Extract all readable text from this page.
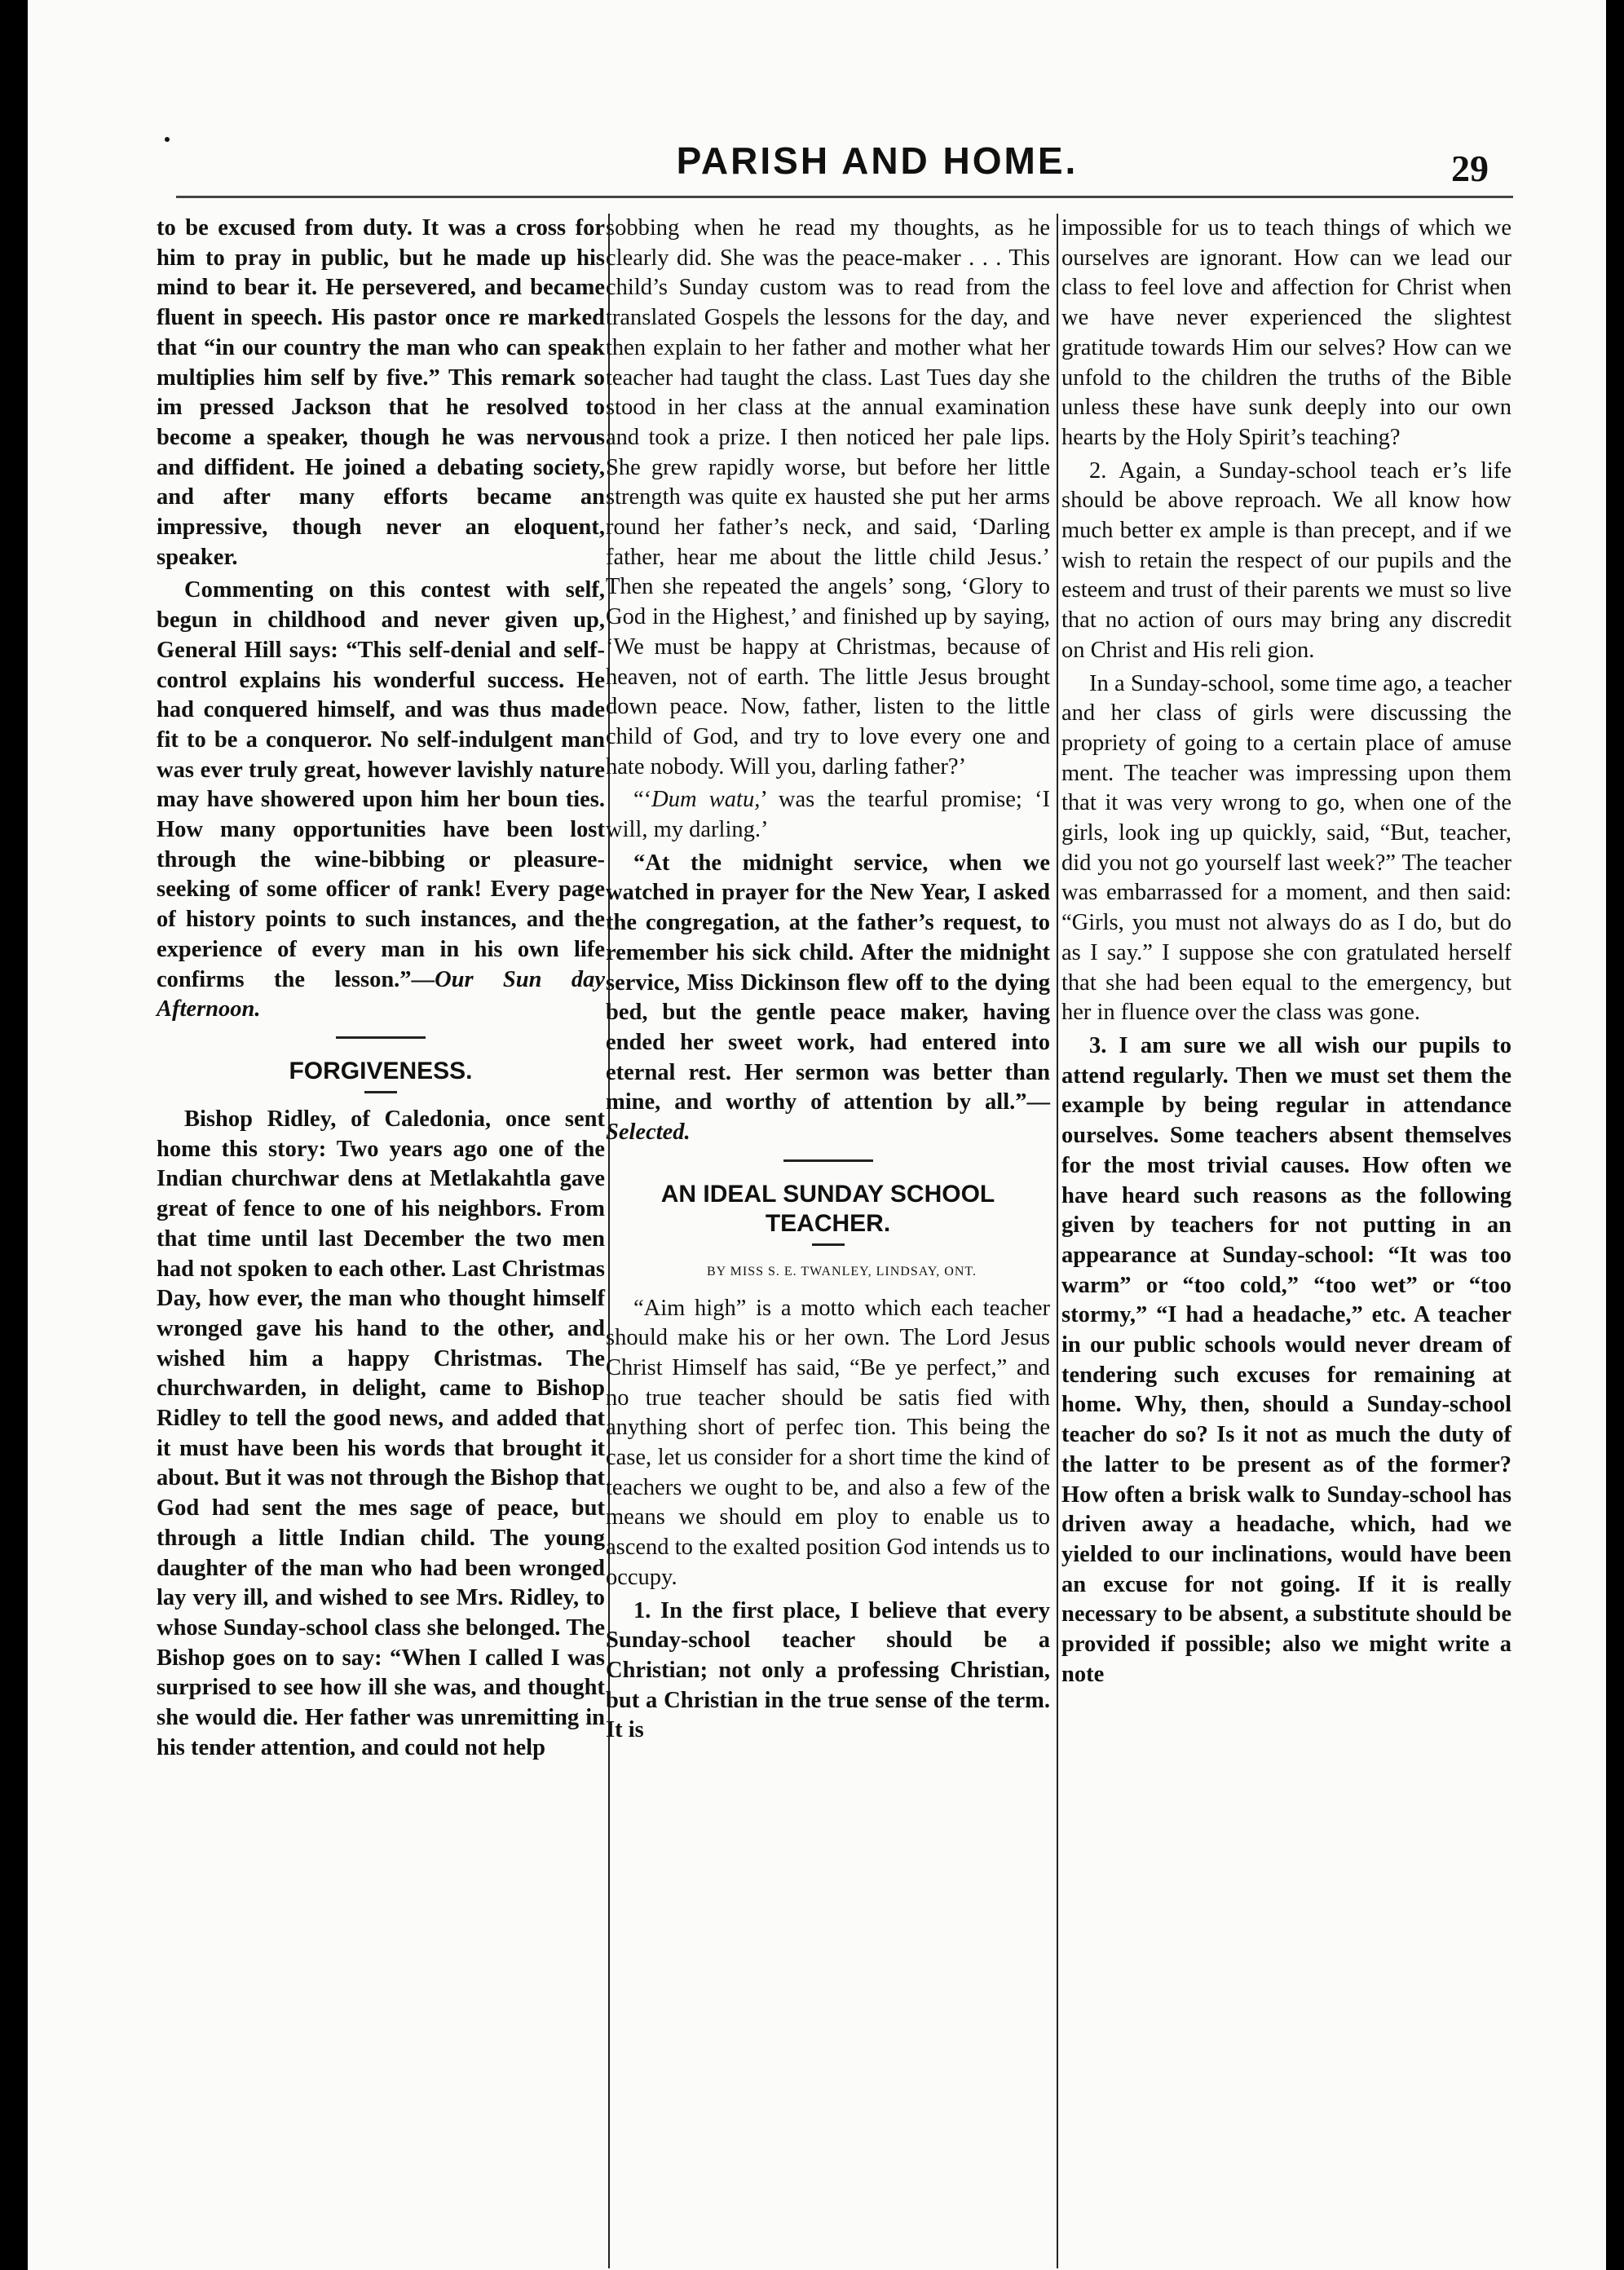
PARISH AND HOME.	29

to be excused from duty. It was a cross for him to pray in public, but he made up his mind to bear it. He persevered, and became fluent in speech. His pastor once re marked that “in our country the man who can speak multiplies him self by five.” This remark so im pressed Jackson that he resolved to become a speaker, though he was nervous and diffident. He joined a debating society, and after many efforts became an impressive, though never an eloquent, speaker.

Commenting on this contest with self, begun in childhood and never given up, General Hill says: “This self-denial and self-control explains his wonderful success. He had conquered himself, and was thus made fit to be a conqueror. No self-indulgent man was ever truly great, however lavishly nature may have showered upon him her boun ties. How many opportunities have been lost through the wine-bibbing or pleasure-seeking of some officer of rank! Every page of history points to such instances, and the experience of every man in his own life confirms the lesson.”—Our Sun day Afternoon.

FORGIVENESS.

Bishop Ridley, of Caledonia, once sent home this story: Two years ago one of the Indian churchwar dens at Metlakahtla gave great of fence to one of his neighbors. From that time until last December the two men had not spoken to each other. Last Christmas Day, how ever, the man who thought himself wronged gave his hand to the other, and wished him a happy Christmas. The churchwarden, in delight, came to Bishop Ridley to tell the good news, and added that it must have been his words that brought it about. But it was not through the Bishop that God had sent the mes sage of peace, but through a little Indian child. The young daughter of the man who had been wronged lay very ill, and wished to see Mrs. Ridley, to whose Sunday-school class she belonged. The Bishop goes on to say: “When I called I was surprised to see how ill she was, and thought she would die. Her father was unremitting in his tender attention, and could not help

sobbing when he read my thoughts, as he clearly did. She was the peace-maker . . . This child’s Sunday custom was to read from the translated Gospels the lessons for the day, and then explain to her father and mother what her teacher had taught the class. Last Tues day she stood in her class at the annual examination and took a prize. I then noticed her pale lips. She grew rapidly worse, but before her little strength was quite ex hausted she put her arms round her father’s neck, and said, ‘Darling father, hear me about the little child Jesus.’ Then she repeated the angels’ song, ‘Glory to God in the Highest,’ and finished up by saying, ‘We must be happy at Christmas, because of heaven, not of earth. The little Jesus brought down peace. Now, father, listen to the little child of God, and try to love every one and hate nobody. Will you, darling father?’

“‘Dum watu,’ was the tearful promise; ‘I will, my darling.’

“At the midnight service, when we watched in prayer for the New Year, I asked the congregation, at the father’s request, to remember his sick child. After the midnight service, Miss Dickinson flew off to the dying bed, but the gentle peace maker, having ended her sweet work, had entered into eternal rest. Her sermon was better than mine, and worthy of attention by all.”—Selected.

AN IDEAL SUNDAY SCHOOL TEACHER.

BY MISS S. E. TWANLEY, LINDSAY, ONT.

“Aim high” is a motto which each teacher should make his or her own. The Lord Jesus Christ Himself has said, “Be ye perfect,” and no true teacher should be satis fied with anything short of perfec tion. This being the case, let us consider for a short time the kind of teachers we ought to be, and also a few of the means we should em ploy to enable us to ascend to the exalted position God intends us to occupy.

1. In the first place, I believe that every Sunday-school teacher should be a Christian; not only a professing Christian, but a Christian in the true sense of the term. It is

impossible for us to teach things of which we ourselves are ignorant. How can we lead our class to feel love and affection for Christ when we have never experienced the slightest gratitude towards Him our selves? How can we unfold to the children the truths of the Bible unless these have sunk deeply into our own hearts by the Holy Spirit’s teaching?

2. Again, a Sunday-school teach er’s life should be above reproach. We all know how much better ex ample is than precept, and if we wish to retain the respect of our pupils and the esteem and trust of their parents we must so live that no action of ours may bring any discredit on Christ and His reli gion.

In a Sunday-school, some time ago, a teacher and her class of girls were discussing the propriety of going to a certain place of amuse ment. The teacher was impressing upon them that it was very wrong to go, when one of the girls, look ing up quickly, said, “But, teacher, did you not go yourself last week?” The teacher was embarrassed for a moment, and then said: “Girls, you must not always do as I do, but do as I say.” I suppose she con gratulated herself that she had been equal to the emergency, but her in fluence over the class was gone.

3. I am sure we all wish our pupils to attend regularly. Then we must set them the example by being regular in attendance ourselves. Some teachers absent themselves for the most trivial causes. How often we have heard such reasons as the following given by teachers for not putting in an appearance at Sunday-school: “It was too warm” or “too cold,” “too wet” or “too stormy,” “I had a headache,” etc. A teacher in our public schools would never dream of tendering such excuses for remaining at home. Why, then, should a Sunday-school teacher do so? Is it not as much the duty of the latter to be present as of the former? How often a brisk walk to Sunday-school has driven away a headache, which, had we yielded to our inclinations, would have been an excuse for not going. If it is really necessary to be absent, a substitute should be provided if possible; also we might write a note
